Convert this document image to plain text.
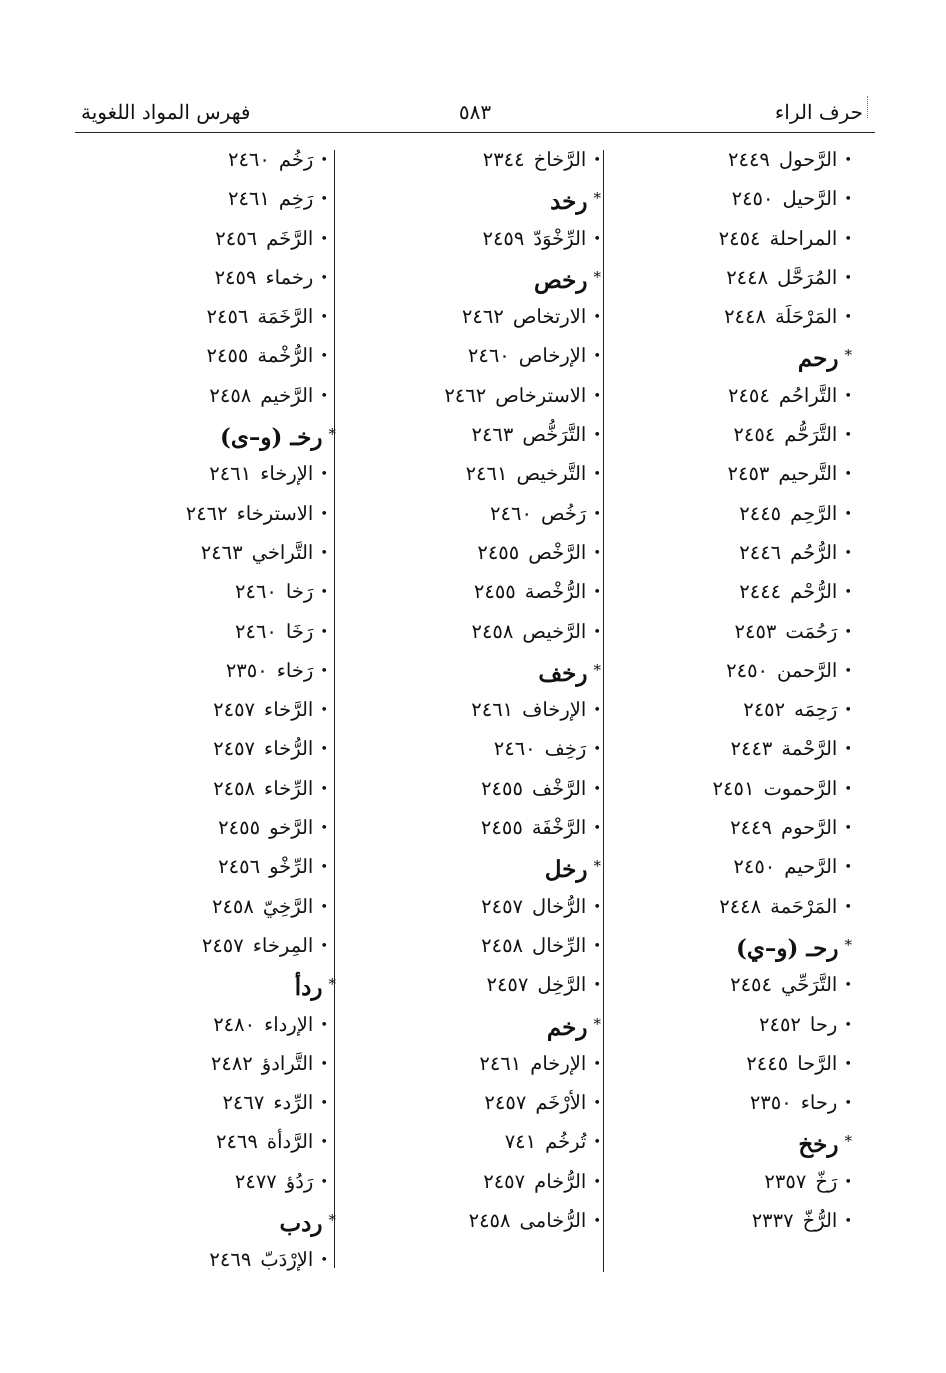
حرف الراء
٥٨٣
فهرس المواد اللغوية
•الرَّحول٢٤٤٩
•الرَّحيل٢٤٥٠
•المراحلة٢٤٥٤
•المُرَحَّل٢٤٤٨
•المَرْحَلَة٢٤٤٨
*رحم
•التَّراحُم٢٤٥٤
•التَّرَحُّم٢٤٥٤
•التَّرحيم٢٤٥٣
•الرَّحِم٢٤٤٥
•الرُّحُم٢٤٤٦
•الرُّحْم٢٤٤٤
•رَحُمَت٢٤٥٣
•الرَّحمن٢٤٥٠
•رَحِمَه٢٤٥٢
•الرَّحْمة٢٤٤٣
•الرَّحموت٢٤٥١
•الرَّحوم٢٤٤٩
•الرَّحيم٢٤٥٠
•المَرْحَمة٢٤٤٨
*رحـ (و–ي)
•التَّرَحِّي٢٤٥٤
•رحا٢٤٥٢
•الرَّحا٢٤٤٥
•رحاء٢٣٥٠
*رخخ
•رَخّ٢٣٥٧
•الرُّخّ٢٣٣٧
•الرَّخاخ٢٣٤٤
*رخد
•الرِّخْوَدّ٢٤٥٩
*رخص
•الارتخاص٢٤٦٢
•الإرخاص٢٤٦٠
•الاسترخاص٢٤٦٢
•التَّرَخُّص٢٤٦٣
•التَّرخيص٢٤٦١
•رَخُص٢٤٦٠
•الرَّخْص٢٤٥٥
•الرُّخْصة٢٤٥٥
•الرَّخيص٢٤٥٨
*رخف
•الإرخاف٢٤٦١
•رَخِف٢٤٦٠
•الرَّخْف٢٤٥٥
•الرَّخْفَة٢٤٥٥
*رخل
•الرُّخال٢٤٥٧
•الرِّخال٢٤٥٨
•الرَّخِل٢٤٥٧
*رخم
•الإرخام٢٤٦١
•الأرْخَم٢٤٥٧
•تُرخُم٧٤١
•الرُّخام٢٤٥٧
•الرُّخامى٢٤٥٨
•رَخُم٢٤٦٠
•رَخِم٢٤٦١
•الرَّخَم٢٤٥٦
•رخماء٢٤٥٩
•الرَّخَمَة٢٤٥٦
•الرُّخْمة٢٤٥٥
•الرَّخيم٢٤٥٨
*رخـ (و–ى)
•الإرخاء٢٤٦١
•الاسترخاء٢٤٦٢
•التَّراخي٢٤٦٣
•رَخا٢٤٦٠
•رَخَا٢٤٦٠
•رَخاء٢٣٥٠
•الرَّخاء٢٤٥٧
•الرُّخاء٢٤٥٧
•الرِّخاء٢٤٥٨
•الرَّخو٢٤٥٥
•الرِّخْو٢٤٥٦
•الرَّخِيّ٢٤٥٨
•المِرخاء٢٤٥٧
*ردأ
•الإرداء٢٤٨٠
•التَّرادؤ٢٤٨٢
•الرِّدء٢٤٦٧
•الرَّدأة٢٤٦٩
•رَدُؤ٢٤٧٧
*ردب
•الإرْدَبّ٢٤٦٩
